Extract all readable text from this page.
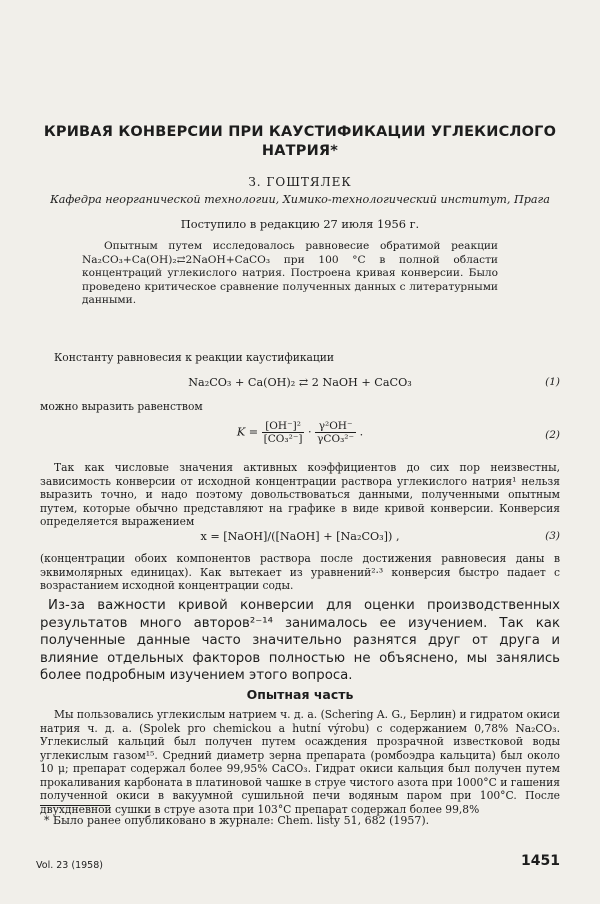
КРИВАЯ КОНВЕРСИИ ПРИ КАУСТИФИКАЦИИ УГЛЕКИСЛОГО НАТРИЯ*
З. ГОШТЯЛЕК
Кафедра неорганической технологии, Химико-технологический институт, Прага
Поступило в редакцию 27 июля 1956 г.

Опытным путем исследовалось равновесие обратимой реакции Na₂CO₃+Ca(OH)₂⇄2NaOH+CaCO₃ при 100 °C в полной области концентраций углекислого натрия. Построена кривая конверсии. Было проведено критическое сравнение полученных данных с литературными данными.

Константу равновесия к реакции каустификации

Na₂CO₃ + Ca(OH)₂ ⇄ 2 NaOH + CaCO₃	(1)

можно выразить равенством

$K = \frac{\text{[OH⁻]²}}{\text{[CO₃²⁻]}} \cdot \frac{\text{γ²OH⁻}}{\text{γCO₃²⁻}}$ .	(2)

Так как числовые значения активных коэффициентов до сих пор неизвестны, зависимость конверсии от исходной концентрации раствора углекислого натрия¹ нельзя выразить точно, и надо поэтому довольствоваться данными, полученными опытным путем, которые обычно представляют на графике в виде кривой конверсии. Конверсия определяется выражением

x = [NaOH]/([NaOH] + [Na₂CO₃]) ,	(3)

(концентрации обоих компонентов раствора после достижения равновесия даны в эквимолярных единицах). Как вытекает из уравнений²·³ конверсия быстро падает с возрастанием исходной концентрации соды.

Из-за важности кривой конверсии для оценки производственных результатов много авторов²⁻¹⁴ занималось ее изучением. Так как полученные данные часто значительно разнятся друг от друга и влияние отдельных факторов полностью не объяснено, мы занялись более подробным изучением этого вопроса.

Опытная часть

Мы пользовались углекислым натрием ч. д. а. (Schering A. G., Берлин) и гидратом окиси натрия ч. д. а. (Spolek pro chemickou a hutní výrobu) с содержанием 0,78% Na₂CO₃. Углекислый кальций был получен путем осаждения прозрачной известковой воды углекислым газом¹⁵. Средний диаметр зерна препарата (ромбоэдра кальцита) был около 10 μ; препарат содержал более 99,95% CaCO₃. Гидрат окиси кальция был получен путем прокаливания карбоната в платиновой чашке в струе чистого азота при 1000°C и гашения полученной окиси в вакуумной сушильной печи водяным паром при 100°C. После двухдневной сушки в струе азота при 103°C препарат содержал более 99,8%

* Было ранее опубликовано в журнале: Chem. listy 51, 682 (1957).
Vol. 23 (1958)	1451
